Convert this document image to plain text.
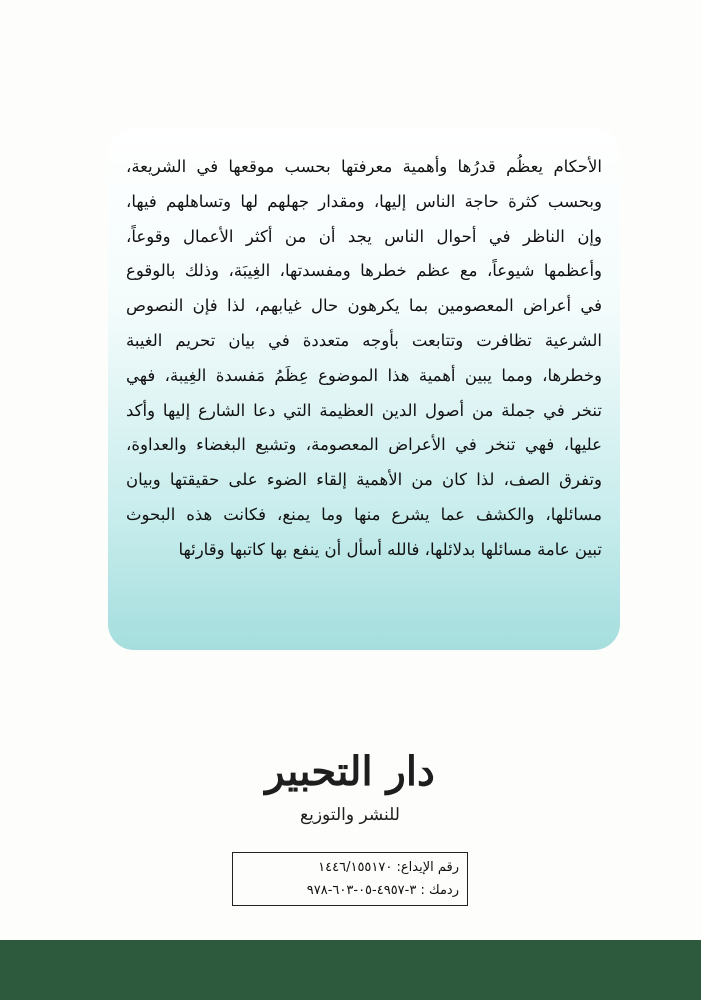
الأحكام يعظُم قدرُها وأهمية معرفتها بحسب موقعها في الشريعة،
وبحسب كثرة حاجة الناس إليها، ومقدار جهلهم لها وتساهلهم فيها،
وإن الناظر في أحوال الناس يجد أن من أكثر الأعمال وقوعاً،
وأعظمها شيوعاً، مع عظم خطرها ومفسدتها، الغِيبَة، وذلك بالوقوع
في أعراض المعصومين بما يكرهون حال غيابهم، لذا فإن النصوص
الشرعية تظافرت وتتابعت بأوجه متعددة في بيان تحريم الغيبة
وخطرها، ومما يبين أهمية هذا الموضوع عِظَمُ مَفسدة الغِيبة، فهي
تنخر في جملة من أصول الدين العظيمة التي دعا الشارع إليها وأكد
عليها، فهي تنخر في الأعراض المعصومة، وتشيع البغضاء والعداوة،
وتفرق الصف، لذا كان من الأهمية إلقاء الضوء على حقيقتها وبيان
مسائلها، والكشف عما يشرع منها وما يمنع، فكانت هذه البحوث
تبين عامة مسائلها بدلائلها، فالله أسأل أن ينفع بها كاتبها وقارئها
دار التحبير
للنشر والتوزيع
رقم الإيداع: ١٤٤٦/١٥٥١٧٠
ردمك : ٣-٤٩٥٧-٠٥-٦٠٣-٩٧٨
